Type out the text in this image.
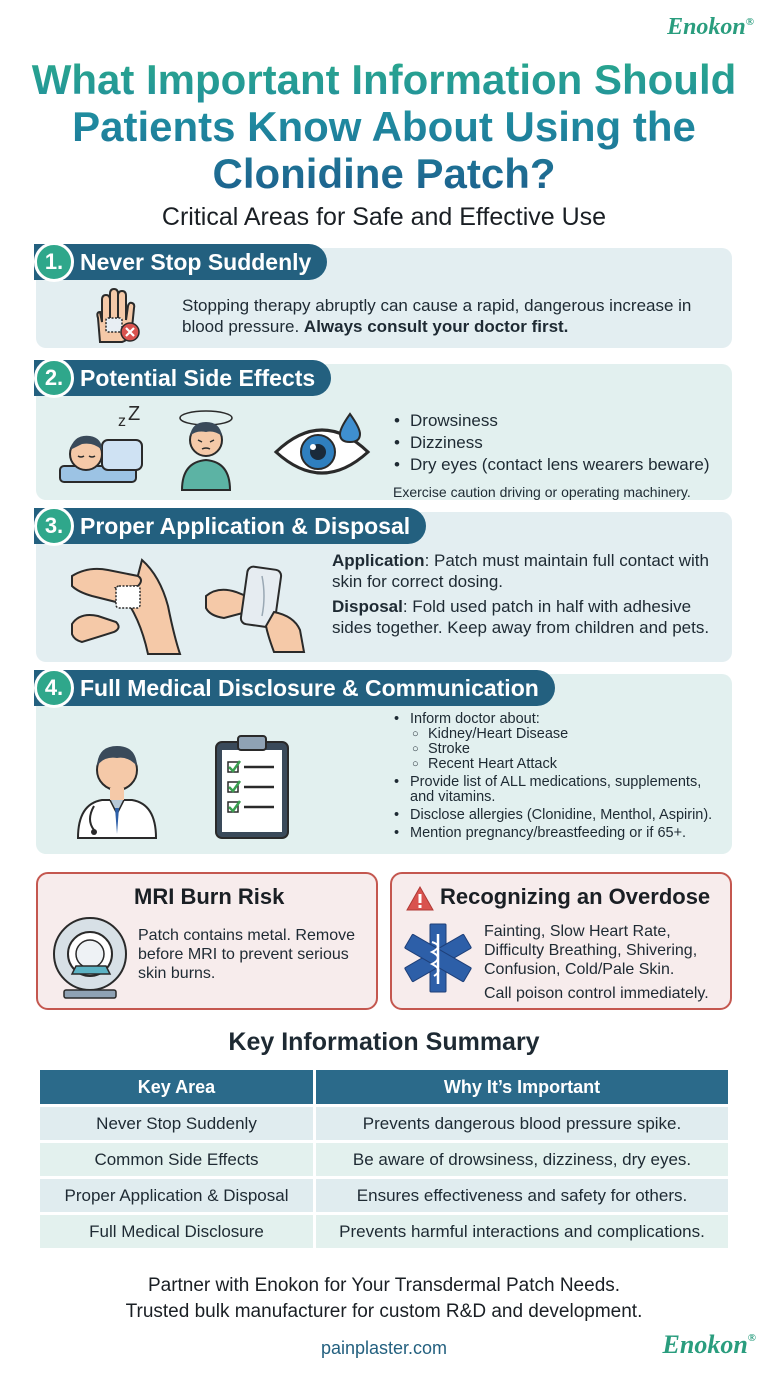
Enokon®
What Important Information Should Patients Know About Using the Clonidine Patch?
Critical Areas for Safe and Effective Use
1. Never Stop Suddenly
Stopping therapy abruptly can cause a rapid, dangerous increase in blood pressure. Always consult your doctor first.
2. Potential Side Effects
z Z	• Drowsiness
• Dizziness
• Dry eyes (contact lens wearers beware)
Exercise caution driving or operating machinery.
3. Proper Application & Disposal
Application: Patch must maintain full contact with skin for correct dosing.
Disposal: Fold used patch in half with adhesive sides together. Keep away from children and pets.
4. Full Medical Disclosure & Communication
• Inform doctor about:
○ Kidney/Heart Disease
○ Stroke
○ Recent Heart Attack
• Provide list of ALL medications, supplements, and vitamins.
• Disclose allergies (Clonidine, Menthol, Aspirin).
• Mention pregnancy/breastfeeding or if 65+.
MRI Burn Risk
Patch contains metal. Remove before MRI to prevent serious skin burns.
Recognizing an Overdose
Fainting, Slow Heart Rate, Difficulty Breathing, Shivering, Confusion, Cold/Pale Skin.
Call poison control immediately.
Key Information Summary
Key Area	Why It’s Important
Never Stop Suddenly	Prevents dangerous blood pressure spike.
Common Side Effects	Be aware of drowsiness, dizziness, dry eyes.
Proper Application & Disposal	Ensures effectiveness and safety for others.
Full Medical Disclosure	Prevents harmful interactions and complications.
Partner with Enokon for Your Transdermal Patch Needs.
Trusted bulk manufacturer for custom R&D and development.
painplaster.com	Enokon®
